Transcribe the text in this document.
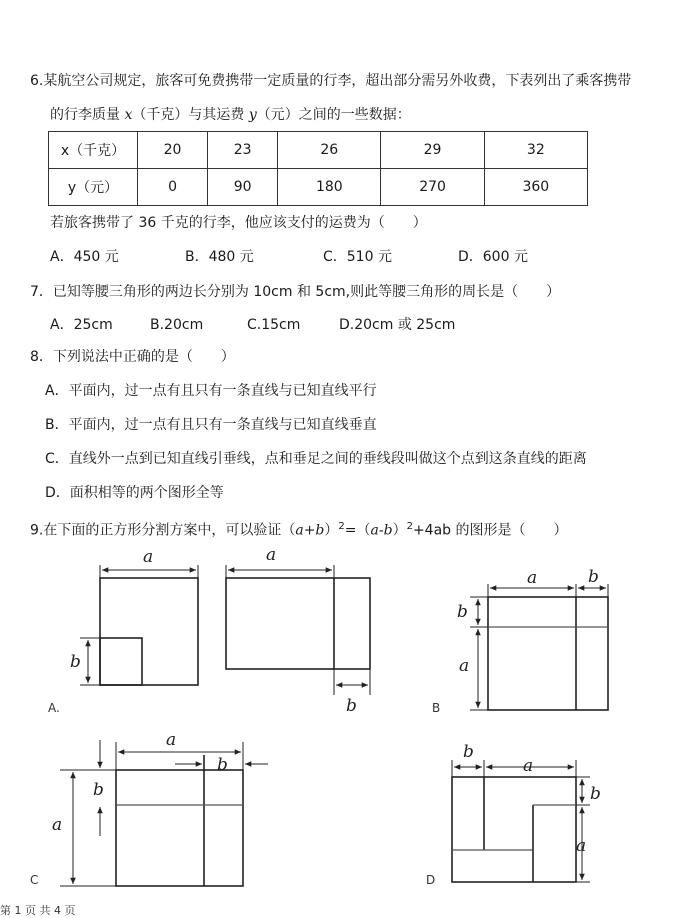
6.某航空公司规定，旅客可免费携带一定质量的行李，超出部分需另外收费，下表列出了乘客携带
的行李质量 x（千克）与其运费 y（元）之间的一些数据：
x（千克）	20	23	26	29	32
y（元）	0	90	180	270	360
若旅客携带了 36 千克的行李，他应该支付的运费为（　　）
A．450 元	B．480 元	C．510 元	D．600 元
7．已知等腰三角形的两边长分别为 10cm 和 5cm,则此等腰三角形的周长是（　　）
A．25cm	B.20cm	C.15cm	D.20cm 或 25cm
8．下列说法中正确的是（　　）
A．平面内，过一点有且只有一条直线与已知直线平行
B．平面内，过一点有且只有一条直线与已知直线垂直
C．直线外一点到已知直线引垂线，点和垂足之间的垂线段叫做这个点到这条直线的距离
D．面积相等的两个图形全等
9.在下面的正方形分割方案中，可以验证$(a+b)^2=(a-b)^2+4ab$ 的图形是（　　）
a
b
a
b
a	b
b
a
a
b
a
b
b
a
b
a
A.	B
C	D
第 1 页 共 4 页
